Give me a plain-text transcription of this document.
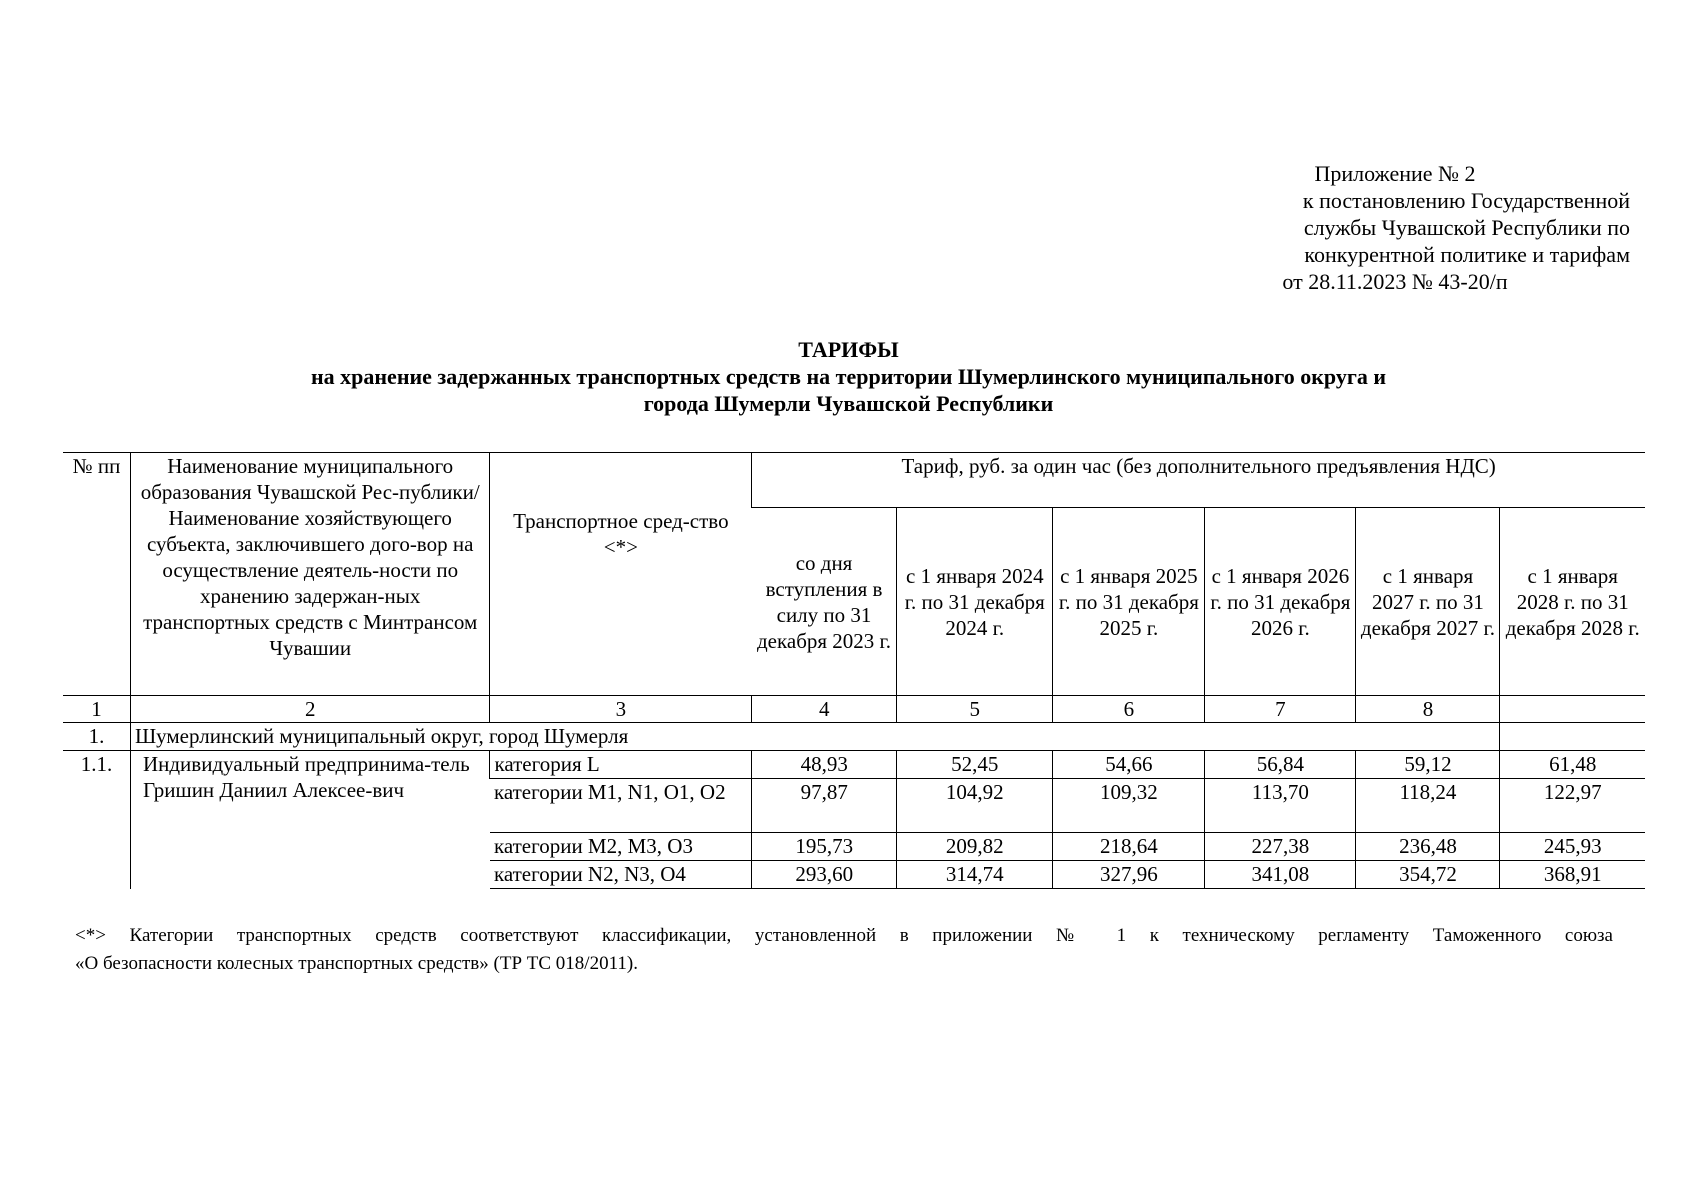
Приложение № 2
к постановлению Государственной
службы Чувашской Республики по
конкурентной политике и тарифам
от 28.11.2023 № 43-20/п
ТАРИФЫ
на хранение задержанных транспортных средств на территории Шумерлинского муниципального округа и
города Шумерли Чувашской Республики
№ пп	Наименование муниципального образования Чувашской Рес-публики/ Наименование хозяйствующего субъекта, заключившего дого-вор на осуществление деятель-ности по хранению задержан-ных транспортных средств с Минтрансом Чувашии	Транспортное сред-ство <*>	Тариф, руб. за один час (без дополнительного предъявления НДС)					
			со дня вступления в силу по 31 декабря 2023 г.	с 1 января 2024 г. по 31 декабря 2024 г.	с 1 января 2025 г. по 31 декабря 2025 г.	с 1 января 2026 г. по 31 декабря 2026 г.	с 1 января 2027 г. по 31 декабря 2027 г.	с 1 января 2028 г. по 31 декабря 2028 г.
1	2	3	4	5	6	7	8	
1.	Шумерлинский муниципальный округ, город Шумерля							
1.1.	Индивидуальный предпринима-тель Гришин Даниил Алексее-вич	категория L	48,93	52,45	54,66	56,84	59,12	61,48
		категории M1, N1, O1, O2	97,87	104,92	109,32	113,70	118,24	122,97
		категории M2, M3, O3	195,73	209,82	218,64	227,38	236,48	245,93
		категории N2, N3, O4	293,60	314,74	327,96	341,08	354,72	368,91
<*> Категории транспортных средств соответствуют классификации, установленной в приложении № 1 к техническому регламенту Таможенного союза
«О безопасности колесных транспортных средств» (ТР ТС 018/2011).
